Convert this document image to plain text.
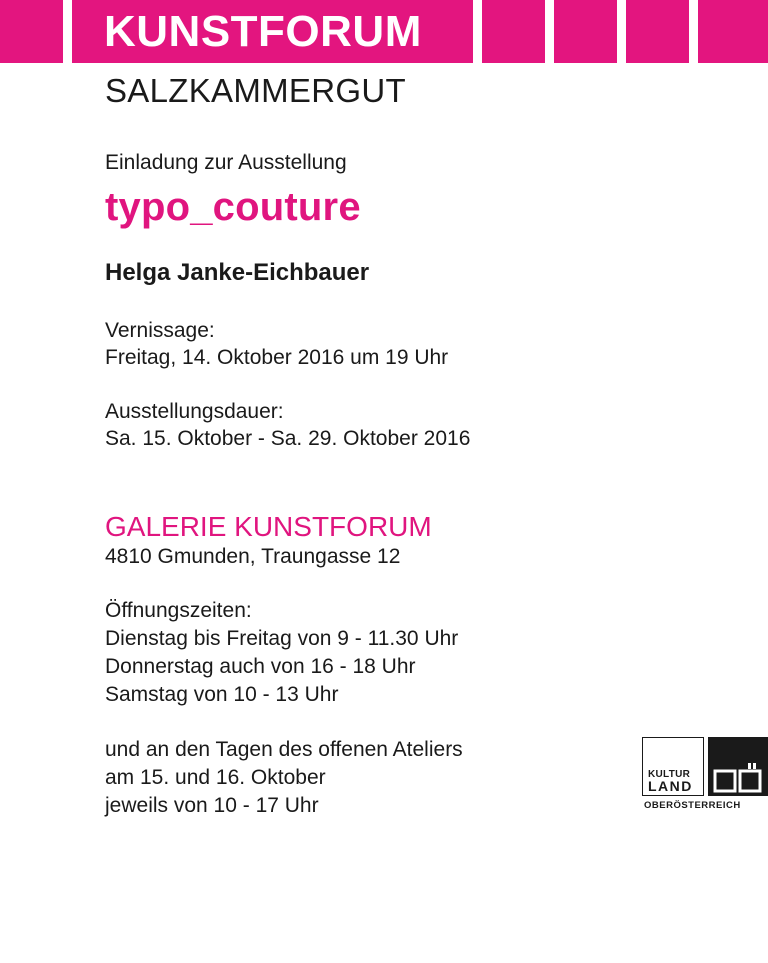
KUNSTFORUM
SALZKAMMERGUT
Einladung zur Ausstellung
typo_couture
Helga Janke-Eichbauer
Vernissage:
Freitag, 14. Oktober 2016 um 19 Uhr
Ausstellungsdauer:
Sa. 15. Oktober - Sa. 29. Oktober 2016
GALERIE KUNSTFORUM
4810 Gmunden, Traungasse 12
Öffnungszeiten:
Dienstag bis Freitag von 9 - 11.30 Uhr
Donnerstag auch von 16 - 18 Uhr
Samstag von 10 - 13 Uhr
und an den Tagen des offenen Ateliers
am 15. und 16. Oktober
jeweils von 10 - 17 Uhr
KULTUR
LAND
OBERÖSTERREICH
